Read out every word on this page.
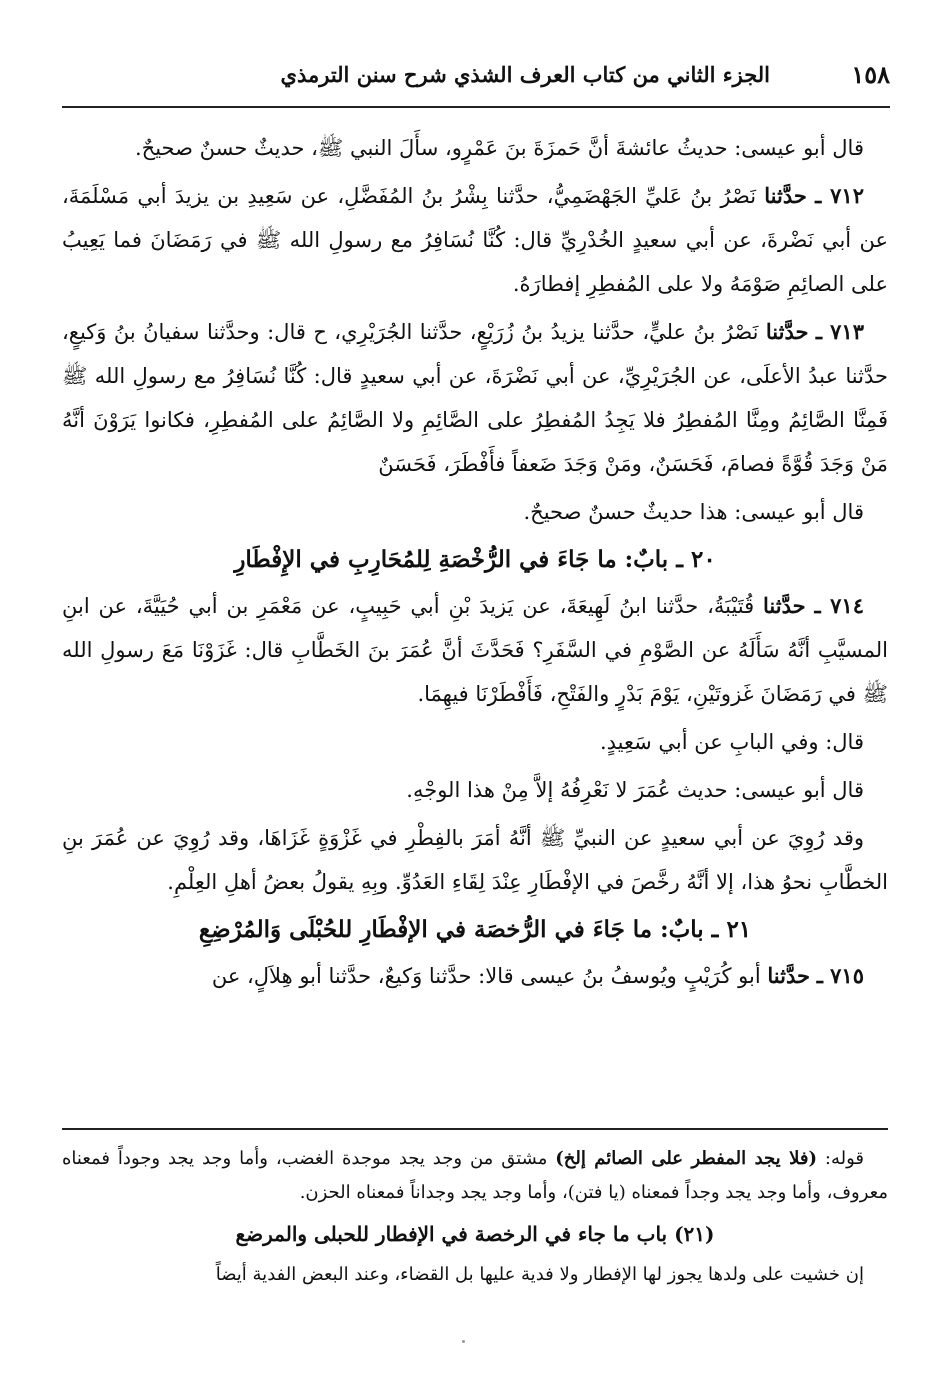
١٥٨
الجزء الثاني من كتاب العرف الشذي شرح سنن الترمذي

قال أبو عيسى: حديثُ عائشةَ أنَّ حَمزَةَ بنَ عَمْرٍو، سأَلَ النبي ﷺ، حديثٌ حسنٌ صحيحٌ.

٧١٢ ـ حدَّثنا نَصْرُ بنُ عَليِّ الجَهْضَمِيُّ، حدَّثنا بِشْرُ بنُ المُفَضَّلِ، عن سَعِيدِ بن يزيدَ أبي مَسْلَمَةَ، عن أبي نَضْرةَ، عن أبي سعيدٍ الخُدْرِيِّ قال: كُنَّا نُسَافِرُ مع رسولِ الله ﷺ في رَمَضَانَ فما يَعِيبُ على الصائِمِ صَوْمَهُ ولا على المُفطِرِ إفطارَهُ.

٧١٣ ـ حدَّثنا نَصْرُ بنُ عليٍّ، حدَّثنا يزيدُ بنُ زُرَيْعٍ، حدَّثنا الجُرَيْرِي، ح قال: وحدَّثنا سفيانُ بنُ وَكيعٍ، حدَّثنا عبدُ الأعلَى، عن الجُرَيْرِيِّ، عن أبي نَضْرَةَ، عن أبي سعيدٍ قال: كُنَّا نُسَافِرُ مع رسولِ الله ﷺ فَمِنَّا الصَّائِمُ ومِنَّا المُفطِرُ فلا يَجِدُ المُفطِرُ على الصَّائِمِ ولا الصَّائِمُ على المُفطِرِ، فكانوا يَرَوْنَ أنَّهُ مَنْ وَجَدَ قُوَّةً فصامَ، فَحَسَنٌ، ومَنْ وَجَدَ ضَعفاً فأَفْطَرَ، فَحَسَنٌ

قال أبو عيسى: هذا حديثٌ حسنٌ صحيحٌ.

٢٠ ـ بابٌ: ما جَاءَ في الرُّخْصَةِ لِلمُحَارِبِ في الإِفْطَارِ

٧١٤ ـ حدَّثنا قُتَيْبَةُ، حدَّثنا ابنُ لَهِيعَةَ، عن يَزيدَ بْنِ أبي حَبِيبٍ، عن مَعْمَرِ بن أبي حُيَيَّةَ، عن ابنِ المسيَّبِ أنَّهُ سَأَلَهُ عن الصَّوْمِ في السَّفَرِ؟ فَحَدَّثَ أنَّ عُمَرَ بنَ الخَطَّابِ قال: غَزَوْنَا مَعَ رسولِ الله ﷺ في رَمَضَانَ غَزوتَيْنِ، يَوْمَ بَدْرٍ والفَتْحِ، فَأَفْطَرْنَا فيهِمَا.

قال: وفي البابِ عن أبي سَعِيدٍ.

قال أبو عيسى: حديث عُمَرَ لا نَعْرِفُهُ إلاَّ مِنْ هذا الوجْهِ.

وقد رُوِيَ عن أبي سعيدٍ عن النبيِّ ﷺ أنَّهُ أمَرَ بالفِطْرِ في غَزْوَةٍ غَزَاهَا، وقد رُوِيَ عن عُمَرَ بنِ الخطَّابِ نحوُ هذا، إلا أنَّهُ رخَّصَ في الإفْطَارِ عِنْدَ لِقَاءِ العَدُوِّ. وبِهِ يقولُ بعضُ أهلِ العِلْمِ.

٢١ ـ بابٌ: ما جَاءَ في الرُّخصَة في الإفْطَارِ للحُبْلَى وَالمُرْضِعِ

٧١٥ ـ حدَّثنا أبو كُرَيْبٍ ويُوسفُ بنُ عيسى قالا: حدَّثنا وَكيعٌ، حدَّثنا أبو هِلاَلٍ، عن

قوله: (فلا يجد المفطر على الصائم إلخ) مشتق من وجد يجد موجدة الغضب، وأما وجد يجد وجوداً فمعناه معروف، وأما وجد يجد وجداً فمعناه (يا فتن)، وأما وجد يجد وجداناً فمعناه الحزن.

(٢١) باب ما جاء في الرخصة في الإفطار للحبلى والمرضع

إن خشيت على ولدها يجوز لها الإفطار ولا فدية عليها بل القضاء، وعند البعض الفدية أيضاً
